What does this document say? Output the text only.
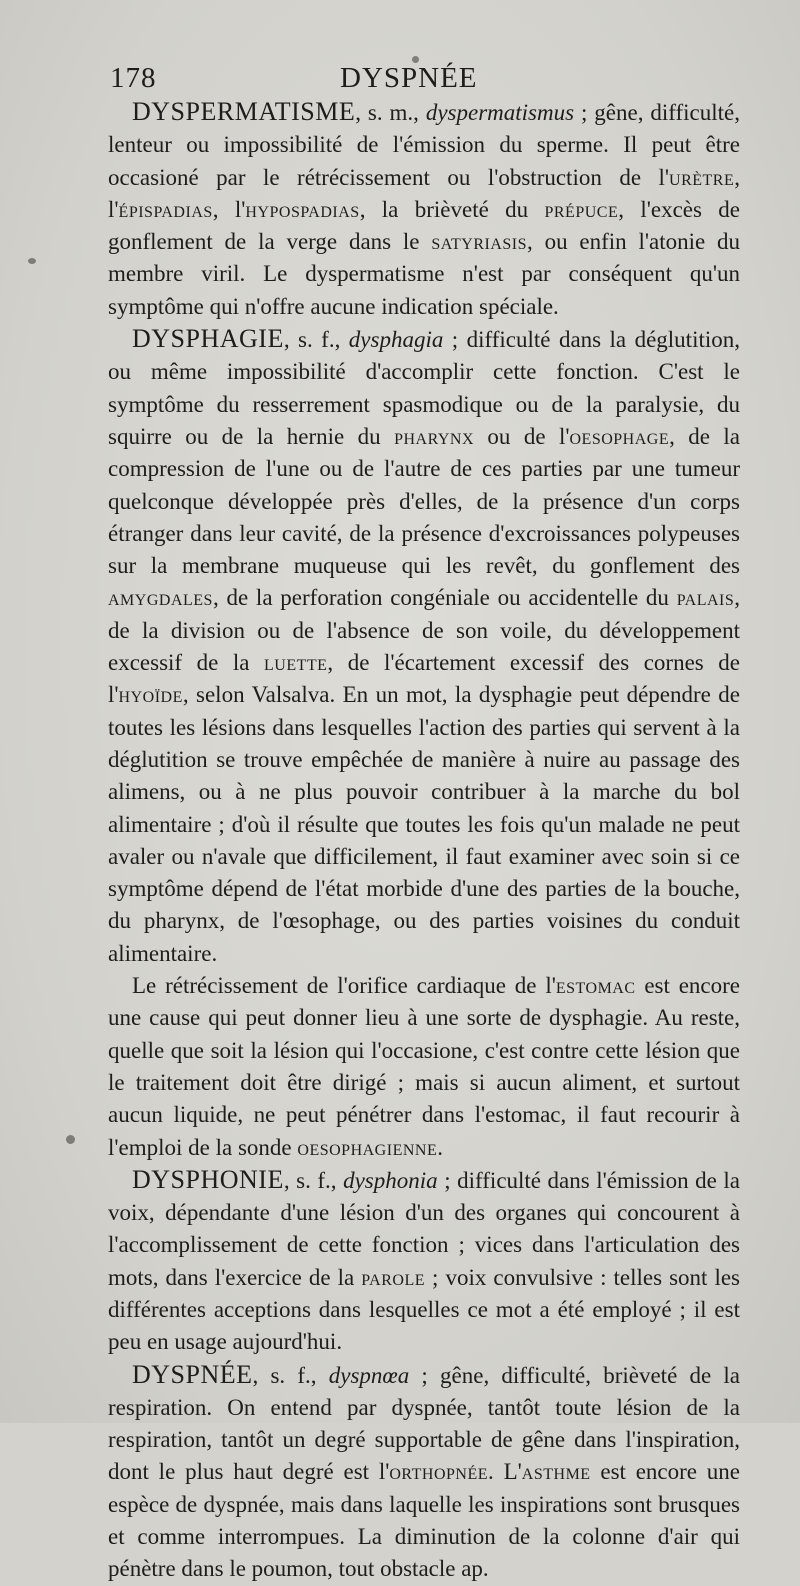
178	DYSPNÉE

DYSPERMATISME, s. m., dyspermatismus ; gêne, difficulté, lenteur ou impossibilité de l'émission du sperme. Il peut être occasioné par le rétrécissement ou l'obstruction de l'urètre, l'épispadias, l'hypospadias, la brièveté du prépuce, l'excès de gonflement de la verge dans le satyriasis, ou enfin l'atonie du membre viril. Le dyspermatisme n'est par conséquent qu'un symptôme qui n'offre aucune indication spéciale.

DYSPHAGIE, s. f., dysphagia ; difficulté dans la déglutition, ou même impossibilité d'accomplir cette fonction. C'est le symptôme du resserrement spasmodique ou de la paralysie, du squirre ou de la hernie du pharynx ou de l'oesophage, de la compression de l'une ou de l'autre de ces parties par une tumeur quelconque développée près d'elles, de la présence d'un corps étranger dans leur cavité, de la présence d'excroissances polypeuses sur la membrane muqueuse qui les revêt, du gonflement des amygdales, de la perforation congéniale ou accidentelle du palais, de la division ou de l'absence de son voile, du développement excessif de la luette, de l'écartement excessif des cornes de l'hyoïde, selon Valsalva. En un mot, la dysphagie peut dépendre de toutes les lésions dans lesquelles l'action des parties qui servent à la déglutition se trouve empêchée de manière à nuire au passage des alimens, ou à ne plus pouvoir contribuer à la marche du bol alimentaire ; d'où il résulte que toutes les fois qu'un malade ne peut avaler ou n'avale que difficilement, il faut examiner avec soin si ce symptôme dépend de l'état morbide d'une des parties de la bouche, du pharynx, de l'œsophage, ou des parties voisines du conduit alimentaire.

Le rétrécissement de l'orifice cardiaque de l'estomac est encore une cause qui peut donner lieu à une sorte de dysphagie. Au reste, quelle que soit la lésion qui l'occasione, c'est contre cette lésion que le traitement doit être dirigé ; mais si aucun aliment, et surtout aucun liquide, ne peut pénétrer dans l'estomac, il faut recourir à l'emploi de la sonde oesophagienne.

DYSPHONIE, s. f., dysphonia ; difficulté dans l'émission de la voix, dépendante d'une lésion d'un des organes qui concourent à l'accomplissement de cette fonction ; vices dans l'articulation des mots, dans l'exercice de la parole ; voix convulsive : telles sont les différentes acceptions dans lesquelles ce mot a été employé ; il est peu en usage aujourd'hui.

DYSPNÉE, s. f., dyspnœa ; gêne, difficulté, brièveté de la respiration. On entend par dyspnée, tantôt toute lésion de la respiration, tantôt un degré supportable de gêne dans l'inspiration, dont le plus haut degré est l'orthopnée. L'asthme est encore une espèce de dyspnée, mais dans laquelle les inspirations sont brusques et comme interrompues. La diminution de la colonne d'air qui pénètre dans le poumon, tout obstacle ap.
